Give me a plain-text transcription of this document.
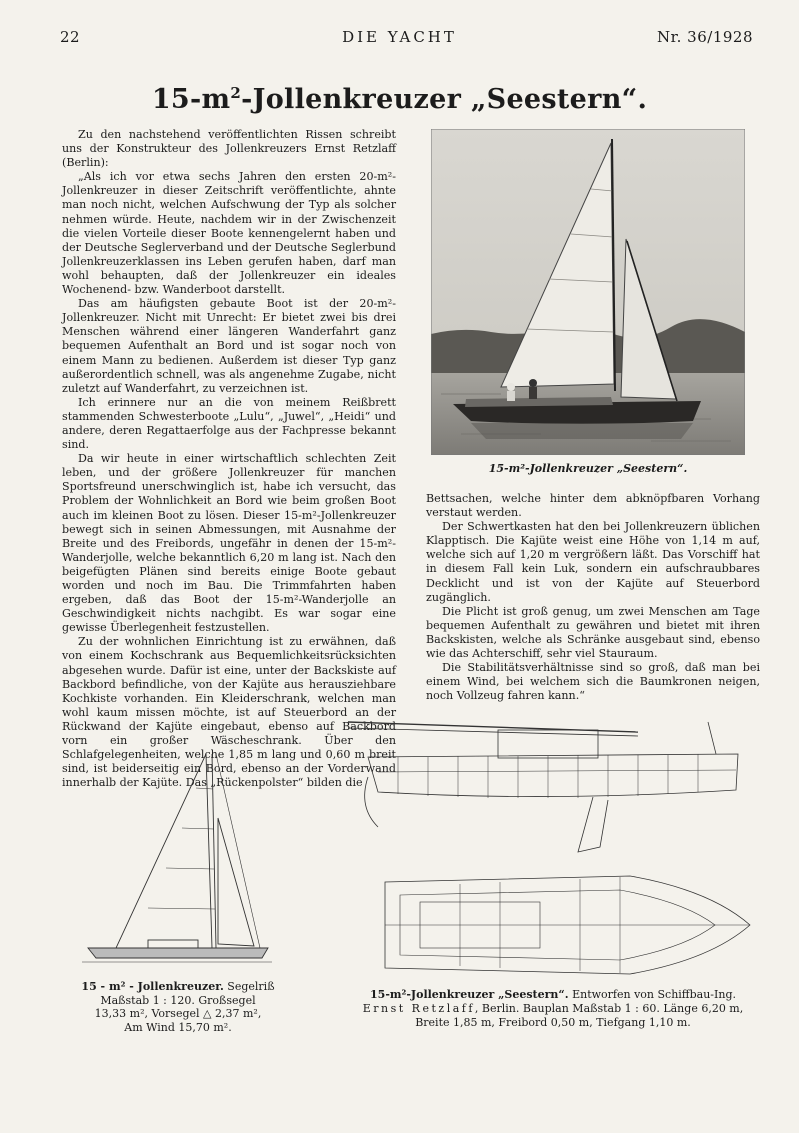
22	DIE YACHT	Nr. 36/1928
$15-m^2$-Jollenkreuzer „Seestern“.

Zu den nachstehend veröffentlichten Rissen schreibt uns der Konstrukteur des Jollenkreuzers Ernst Retzlaff (Berlin):

„Als ich vor etwa sechs Jahren den ersten 20-m²-Jollenkreuzer in dieser Zeitschrift veröffentlichte, ahnte man noch nicht, welchen Aufschwung der Typ als solcher nehmen würde. Heute, nachdem wir in der Zwischenzeit die vielen Vorteile dieser Boote kennengelernt haben und der Deutsche Seglerverband und der Deutsche Seglerbund Jollenkreuzerklassen ins Leben gerufen haben, darf man wohl behaupten, daß der Jollenkreuzer ein ideales Wochenend- bzw. Wanderboot darstellt.

Das am häufigsten gebaute Boot ist der 20-m²-Jollenkreuzer. Nicht mit Unrecht: Er bietet zwei bis drei Menschen während einer längeren Wanderfahrt ganz bequemen Aufenthalt an Bord und ist sogar noch von einem Mann zu bedienen. Außerdem ist dieser Typ ganz außerordentlich schnell, was als angenehme Zugabe, nicht zuletzt auf Wanderfahrt, zu verzeichnen ist.

Ich erinnere nur an die von meinem Reißbrett stammenden Schwesterboote „Lulu“, „Juwel“, „Heidi“ und andere, deren Regattaerfolge aus der Fachpresse bekannt sind.

Da wir heute in einer wirtschaftlich schlechten Zeit leben, und der größere Jollenkreuzer für manchen Sportsfreund unerschwinglich ist, habe ich versucht, das Problem der Wohnlichkeit an Bord wie beim großen Boot auch im kleinen Boot zu lösen. Dieser 15-m²-Jollenkreuzer bewegt sich in seinen Abmessungen, mit Ausnahme der Breite und des Freibords, ungefähr in denen der 15-m²-Wanderjolle, welche bekanntlich 6,20 m lang ist. Nach den beigefügten Plänen sind bereits einige Boote gebaut worden und noch im Bau. Die Trimmfahrten haben ergeben, daß das Boot der 15-m²-Wanderjolle an Geschwindigkeit nichts nachgibt. Es war sogar eine gewisse Überlegenheit festzustellen.

Zu der wohnlichen Einrichtung ist zu erwähnen, daß von einem Kochschrank aus Bequemlichkeitsrücksichten abgesehen wurde. Dafür ist eine, unter der Backskiste auf Backbord befindliche, von der Kajüte aus herausziehbare Kochkiste vorhanden. Ein Kleiderschrank, welchen man wohl kaum missen möchte, ist auf Steuerbord an der Rückwand der Kajüte eingebaut, ebenso auf Backbord vorn ein großer Wäscheschrank. Über den Schlafgelegenheiten, welche 1,85 m lang und 0,60 m breit sind, ist beiderseitig ein Bord, ebenso an der Vorderwand innerhalb der Kajüte. Das „Rückenpolster“ bilden die

15-m²-Jollenkreuzer „Seestern“.

Bettsachen, welche hinter dem abknöpfbaren Vorhang verstaut werden.

Der Schwertkasten hat den bei Jollenkreuzern üblichen Klapptisch. Die Kajüte weist eine Höhe von 1,14 m auf, welche sich auf 1,20 m vergrößern läßt. Das Vorschiff hat in diesem Fall kein Luk, sondern ein aufschraubbares Decklicht und ist von der Kajüte auf Steuerbord zugänglich.

Die Plicht ist groß genug, um zwei Menschen am Tage bequemen Aufenthalt zu gewähren und bietet mit ihren Backskisten, welche als Schränke ausgebaut sind, ebenso wie das Achterschiff, sehr viel Stauraum.

Die Stabilitätsverhältnisse sind so groß, daß man bei einem Wind, bei welchem sich die Baumkronen neigen, noch Vollzeug fahren kann.“

15 - m² - Jollenkreuzer. Segelriß
Maßstab 1 : 120. Großsegel
13,33 m², Vorsegel △ 2,37 m²,
Am Wind 15,70 m².
15-m²-Jollenkreuzer „Seestern“. Entworfen von Schiffbau-Ing. Ernst Retzlaff, Berlin. Bauplan Maßstab 1 : 60. Länge 6,20 m, Breite 1,85 m, Freibord 0,50 m, Tiefgang 1,10 m.
